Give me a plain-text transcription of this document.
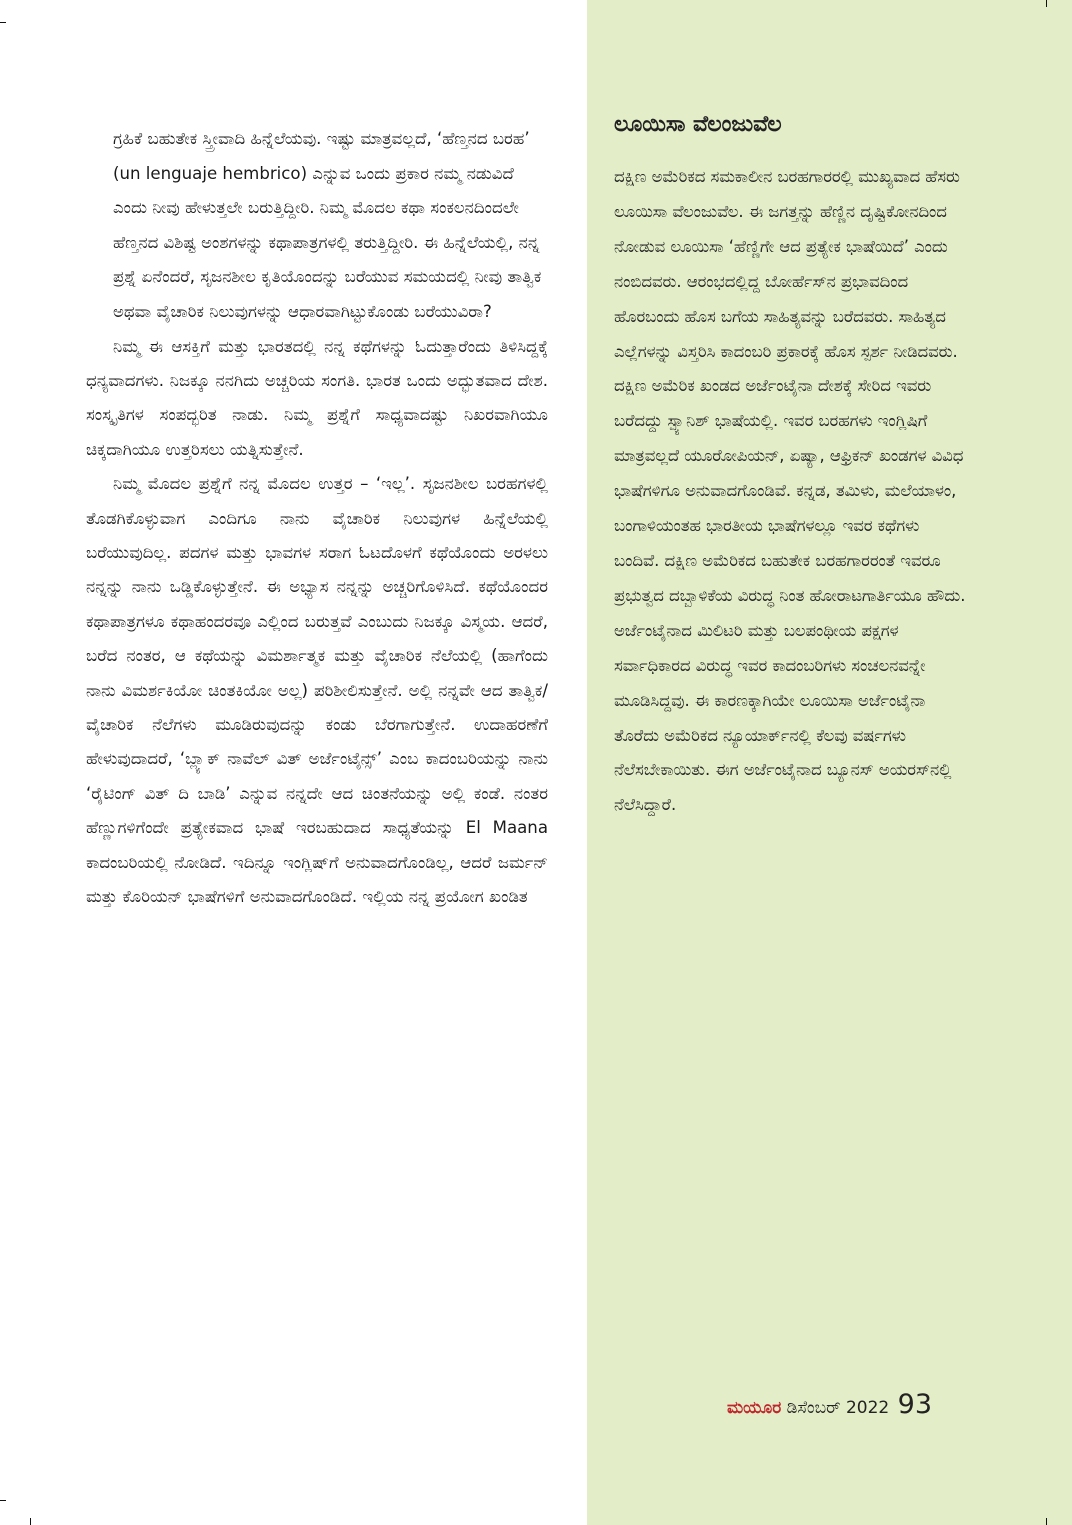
ಗ್ರಹಿಕೆ ಬಹುತೇಕ ಸ್ತ್ರೀವಾದಿ ಹಿನ್ನೆಲೆಯವು. ಇಷ್ಟು ಮಾತ್ರವಲ್ಲದೆ, ‘ಹೆಣ್ತನದ ಬರಹ’ (un lenguaje hembrico) ಎನ್ನುವ ಒಂದು ಪ್ರಕಾರ ನಮ್ಮ ನಡುವಿದೆ ಎಂದು ನೀವು ಹೇಳುತ್ತಲೇ ಬರುತ್ತಿದ್ದೀರಿ. ನಿಮ್ಮ ಮೊದಲ ಕಥಾ ಸಂಕಲನದಿಂದಲೇ ಹೆಣ್ತನದ ವಿಶಿಷ್ಟ ಅಂಶಗಳನ್ನು ಕಥಾಪಾತ್ರಗಳಲ್ಲಿ ತರುತ್ತಿದ್ದೀರಿ. ಈ ಹಿನ್ನೆಲೆಯಲ್ಲಿ, ನನ್ನ ಪ್ರಶ್ನೆ ಏನೆಂದರೆ, ಸೃಜನಶೀಲ ಕೃತಿಯೊಂದನ್ನು ಬರೆಯುವ ಸಮಯದಲ್ಲಿ ನೀವು ತಾತ್ವಿಕ ಅಥವಾ ವೈಚಾರಿಕ ನಿಲುವುಗಳನ್ನು ಆಧಾರವಾಗಿಟ್ಟುಕೊಂಡು ಬರೆಯುವಿರಾ?

ನಿಮ್ಮ ಈ ಆಸಕ್ತಿಗೆ ಮತ್ತು ಭಾರತದಲ್ಲಿ ನನ್ನ ಕಥೆಗಳನ್ನು ಓದುತ್ತಾರೆಂದು ತಿಳಿಸಿದ್ದಕ್ಕೆ ಧನ್ಯವಾದಗಳು. ನಿಜಕ್ಕೂ ನನಗಿದು ಅಚ್ಚರಿಯ ಸಂಗತಿ. ಭಾರತ ಒಂದು ಅದ್ಭುತವಾದ ದೇಶ. ಸಂಸ್ಕೃತಿಗಳ ಸಂಪದ್ಭರಿತ ನಾಡು. ನಿಮ್ಮ ಪ್ರಶ್ನೆಗೆ ಸಾಧ್ಯವಾದಷ್ಟು ನಿಖರವಾಗಿಯೂ ಚಿಕ್ಕದಾಗಿಯೂ ಉತ್ತರಿಸಲು ಯತ್ನಿಸುತ್ತೇನೆ.

ನಿಮ್ಮ ಮೊದಲ ಪ್ರಶ್ನೆಗೆ ನನ್ನ ಮೊದಲ ಉತ್ತರ – ‘ಇಲ್ಲ’. ಸೃಜನಶೀಲ ಬರಹಗಳಲ್ಲಿ ತೊಡಗಿಕೊಳ್ಳುವಾಗ ಎಂದಿಗೂ ನಾನು ವೈಚಾರಿಕ ನಿಲುವುಗಳ ಹಿನ್ನೆಲೆಯಲ್ಲಿ ಬರೆಯುವುದಿಲ್ಲ. ಪದಗಳ ಮತ್ತು ಭಾವಗಳ ಸರಾಗ ಓಟದೊಳಗೆ ಕಥೆಯೊಂದು ಅರಳಲು ನನ್ನನ್ನು ನಾನು ಒಡ್ಡಿಕೊಳ್ಳುತ್ತೇನೆ. ಈ ಅಭ್ಯಾಸ ನನ್ನನ್ನು ಅಚ್ಚರಿಗೊಳಿಸಿದೆ. ಕಥೆಯೊಂದರ ಕಥಾಪಾತ್ರಗಳೂ ಕಥಾಹಂದರವೂ ಎಲ್ಲಿಂದ ಬರುತ್ತವೆ ಎಂಬುದು ನಿಜಕ್ಕೂ ವಿಸ್ಮಯ. ಆದರೆ, ಬರೆದ ನಂತರ, ಆ ಕಥೆಯನ್ನು ವಿಮರ್ಶಾತ್ಮಕ ಮತ್ತು ವೈಚಾರಿಕ ನೆಲೆಯಲ್ಲಿ (ಹಾಗೆಂದು ನಾನು ವಿಮರ್ಶಕಿಯೋ ಚಿಂತಕಿಯೋ ಅಲ್ಲ) ಪರಿಶೀಲಿಸುತ್ತೇನೆ. ಅಲ್ಲಿ ನನ್ನವೇ ಆದ ತಾತ್ವಿಕ/ ವೈಚಾರಿಕ ನೆಲೆಗಳು ಮೂಡಿರುವುದನ್ನು ಕಂಡು ಬೆರಗಾಗುತ್ತೇನೆ. ಉದಾಹರಣೆಗೆ ಹೇಳುವುದಾದರೆ, ‘ಬ್ಲ್ಯಾಕ್ ನಾವೆಲ್ ವಿತ್ ಅರ್ಜೆಂಟೈನ್ಸ್’ ಎಂಬ ಕಾದಂಬರಿಯನ್ನು ನಾನು ‘ರೈಟಿಂಗ್ ವಿತ್ ದಿ ಬಾಡಿ’ ಎನ್ನುವ ನನ್ನದೇ ಆದ ಚಿಂತನೆಯನ್ನು ಅಲ್ಲಿ ಕಂಡೆ. ನಂತರ ಹೆಣ್ಣುಗಳಿಗೆಂದೇ ಪ್ರತ್ಯೇಕವಾದ ಭಾಷೆ ಇರಬಹುದಾದ ಸಾಧ್ಯತೆಯನ್ನು El Maana ಕಾದಂಬರಿಯಲ್ಲಿ ನೋಡಿದೆ. ಇದಿನ್ನೂ ಇಂಗ್ಲಿಷ್‌ಗೆ ಅನುವಾದಗೊಂಡಿಲ್ಲ, ಆದರೆ ಜರ್ಮನ್ ಮತ್ತು ಕೊರಿಯನ್ ಭಾಷೆಗಳಿಗೆ ಅನುವಾದಗೊಂಡಿದೆ. ಇಲ್ಲಿಯ ನನ್ನ ಪ್ರಯೋಗ ಖಂಡಿತ

ಲೂಯಿಸಾ ವೆಲಂಜುವೆಲ

ದಕ್ಷಿಣ ಅಮೆರಿಕದ ಸಮಕಾಲೀನ ಬರಹಗಾರರಲ್ಲಿ ಮುಖ್ಯವಾದ ಹೆಸರು ಲೂಯಿಸಾ ವೆಲಂಜುವೆಲ. ಈ ಜಗತ್ತನ್ನು ಹೆಣ್ಣಿನ ದೃಷ್ಟಿಕೋನದಿಂದ ನೋಡುವ ಲೂಯಿಸಾ ‘ಹೆಣ್ಣಿಗೇ ಆದ ಪ್ರತ್ಯೇಕ ಭಾಷೆಯಿದೆ’ ಎಂದು ನಂಬಿದವರು. ಆರಂಭದಲ್ಲಿದ್ದ ಬೋರ್ಹೆಸ್‌ನ ಪ್ರಭಾವದಿಂದ ಹೊರಬಂದು ಹೊಸ ಬಗೆಯ ಸಾಹಿತ್ಯವನ್ನು ಬರೆದವರು. ಸಾಹಿತ್ಯದ ಎಲ್ಲೆಗಳನ್ನು ವಿಸ್ತರಿಸಿ ಕಾದಂಬರಿ ಪ್ರಕಾರಕ್ಕೆ ಹೊಸ ಸ್ಪರ್ಶ ನೀಡಿದವರು. ದಕ್ಷಿಣ ಅಮೆರಿಕ ಖಂಡದ ಅರ್ಜೆಂಟೈನಾ ದೇಶಕ್ಕೆ ಸೇರಿದ ಇವರು ಬರೆದದ್ದು ಸ್ಪ್ಯಾನಿಶ್ ಭಾಷೆಯಲ್ಲಿ. ಇವರ ಬರಹಗಳು ಇಂಗ್ಲಿಷಿಗೆ ಮಾತ್ರವಲ್ಲದೆ ಯೂರೋಪಿಯನ್, ಏಷ್ಯಾ, ಆಫ್ರಿಕನ್ ಖಂಡಗಳ ವಿವಿಧ ಭಾಷೆಗಳಿಗೂ ಅನುವಾದಗೊಂಡಿವೆ. ಕನ್ನಡ, ತಮಿಳು, ಮಲೆಯಾಳಂ, ಬಂಗಾಳಿಯಂತಹ ಭಾರತೀಯ ಭಾಷೆಗಳಲ್ಲೂ ಇವರ ಕಥೆಗಳು ಬಂದಿವೆ. ದಕ್ಷಿಣ ಅಮೆರಿಕದ ಬಹುತೇಕ ಬರಹಗಾರರಂತೆ ಇವರೂ ಪ್ರಭುತ್ವದ ದಬ್ಬಾಳಿಕೆಯ ವಿರುದ್ಧ ನಿಂತ ಹೋರಾಟಗಾರ್ತಿಯೂ ಹೌದು. ಅರ್ಜೆಂಟೈನಾದ ಮಿಲಿಟರಿ ಮತ್ತು ಬಲಪಂಥೀಯ ಪಕ್ಷಗಳ ಸರ್ವಾಧಿಕಾರದ ವಿರುದ್ಧ ಇವರ ಕಾದಂಬರಿಗಳು ಸಂಚಲನವನ್ನೇ ಮೂಡಿಸಿದ್ದವು. ಈ ಕಾರಣಕ್ಕಾಗಿಯೇ ಲೂಯಿಸಾ ಅರ್ಜೆಂಟೈನಾ ತೊರೆದು ಅಮೆರಿಕದ ನ್ಯೂಯಾರ್ಕ್‌ನಲ್ಲಿ ಕೆಲವು ವರ್ಷಗಳು ನೆಲೆಸಬೇಕಾಯಿತು. ಈಗ ಅರ್ಜೆಂಟೈನಾದ ಬ್ಯೂನಸ್ ಅಯರಸ್‌ನಲ್ಲಿ ನೆಲೆಸಿದ್ದಾರೆ.

ಮಯೂರ ಡಿಸೆಂಬರ್ 2022 93
